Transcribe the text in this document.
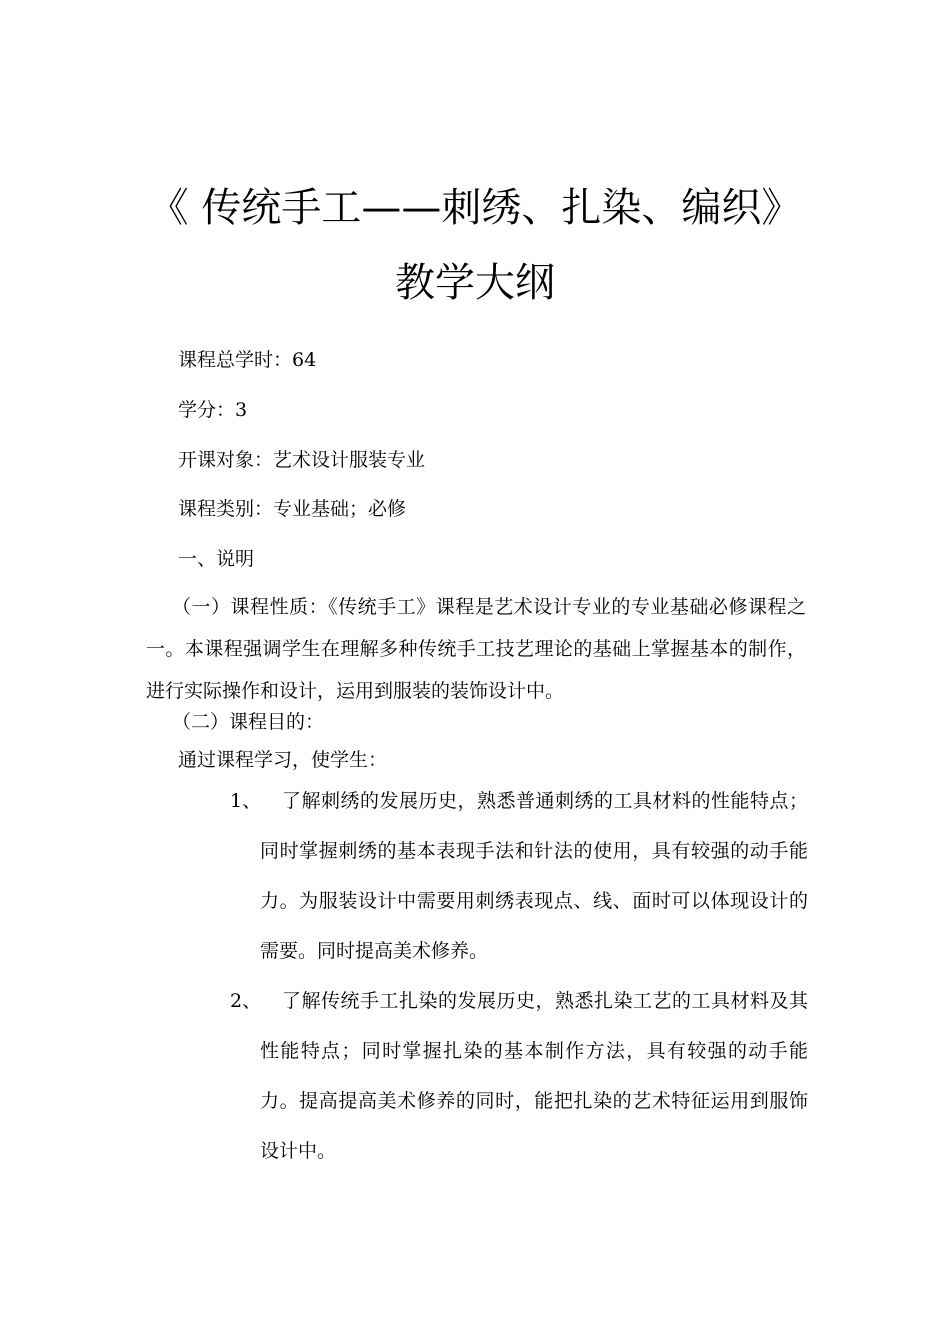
《 传统手工——刺绣、扎染、编织》
教学大纲
课程总学时：64
学分：3
开课对象：艺术设计服装专业
课程类别：专业基础；必修
一、说明
（一）课程性质：《传统手工》课程是艺术设计专业的专业基础必修课程之一。本课程强调学生在理解多种传统手工技艺理论的基础上掌握基本的制作，进行实际操作和设计，运用到服装的装饰设计中。
（二）课程目的：
通过课程学习，使学生：
1、	了解刺绣的发展历史，熟悉普通刺绣的工具材料的性能特点；同时掌握刺绣的基本表现手法和针法的使用，具有较强的动手能力。为服装设计中需要用刺绣表现点、线、面时可以体现设计的需要。同时提高美术修养。
2、	了解传统手工扎染的发展历史，熟悉扎染工艺的工具材料及其性能特点；同时掌握扎染的基本制作方法，具有较强的动手能力。提高提高美术修养的同时，能把扎染的艺术特征运用到服饰设计中。
